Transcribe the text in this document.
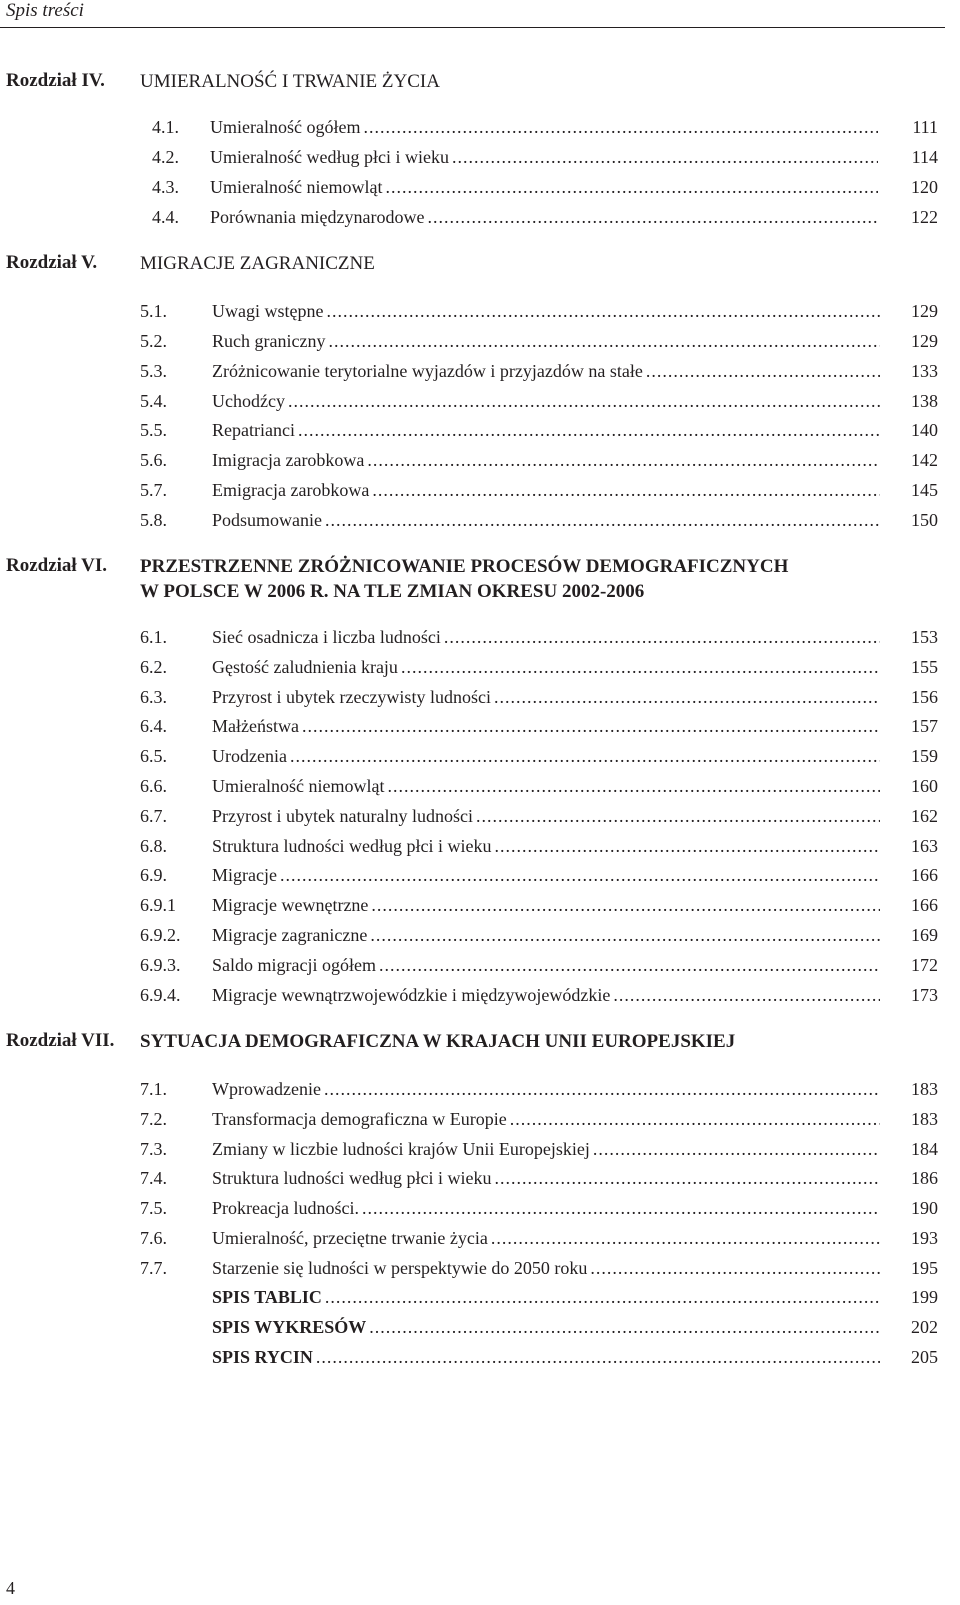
Spis treści
Rozdział IV. UMIERALNOŚĆ I TRWANIE ŻYCIA
4.1. Umieralność ogółem .....	111
4.2. Umieralność według płci i wieku .....	114
4.3. Umieralność niemowląt .....	120
4.4. Porównania międzynarodowe .....	122
Rozdział V. MIGRACJE ZAGRANICZNE
5.1.	Uwagi wstępne .....	129
5.2.	Ruch graniczny .....	129
5.3.	Zróżnicowanie terytorialne wyjazdów i przyjazdów na stałe .....	133
5.4.	Uchodźcy .....	138
5.5.	Repatrianci .....	140
5.6.	Imigracja zarobkowa .....	142
5.7.	Emigracja zarobkowa .....	145
5.8.	Podsumowanie .....	150
Rozdział VI. PRZESTRZENNE ZRÓŻNICOWANIE PROCESÓW DEMOGRAFICZNYCH
W POLSCE W 2006 R. NA TLE ZMIAN OKRESU 2002-2006
6.1.	Sieć osadnicza i liczba ludności .....	153
6.2.	Gęstość zaludnienia kraju .....	155
6.3.	Przyrost i ubytek rzeczywisty ludności .....	156
6.4.	Małżeństwa .....	157
6.5.	Urodzenia .....	159
6.6.	Umieralność niemowląt .....	160
6.7.	Przyrost i ubytek naturalny ludności .....	162
6.8.	Struktura ludności według płci i wieku .....	163
6.9.	Migracje .....	166
6.9.1 Migracje wewnętrzne .....	166
6.9.2. Migracje zagraniczne .....	169
6.9.3. Saldo migracji ogółem .....	172
6.9.4. Migracje wewnątrzwojewódzkie i międzywojewódzkie .....	173
Rozdział VII. SYTUACJA DEMOGRAFICZNA W KRAJACH UNII EUROPEJSKIEJ
7.1.	Wprowadzenie .....	183
7.2.	Transformacja demograficzna w Europie .....	183
7.3.	Zmiany w liczbie ludności krajów Unii Europejskiej .....	184
7.4.	Struktura ludności według płci i wieku .....	186
7.5.	Prokreacja ludności. .....	190
7.6.	Umieralność, przeciętne trwanie życia .....	193
7.7.	Starzenie się ludności w perspektywie do 2050 roku .....	195
SPIS TABLIC .....	199
SPIS WYKRESÓW .....	202
SPIS RYCIN .....	205
4
